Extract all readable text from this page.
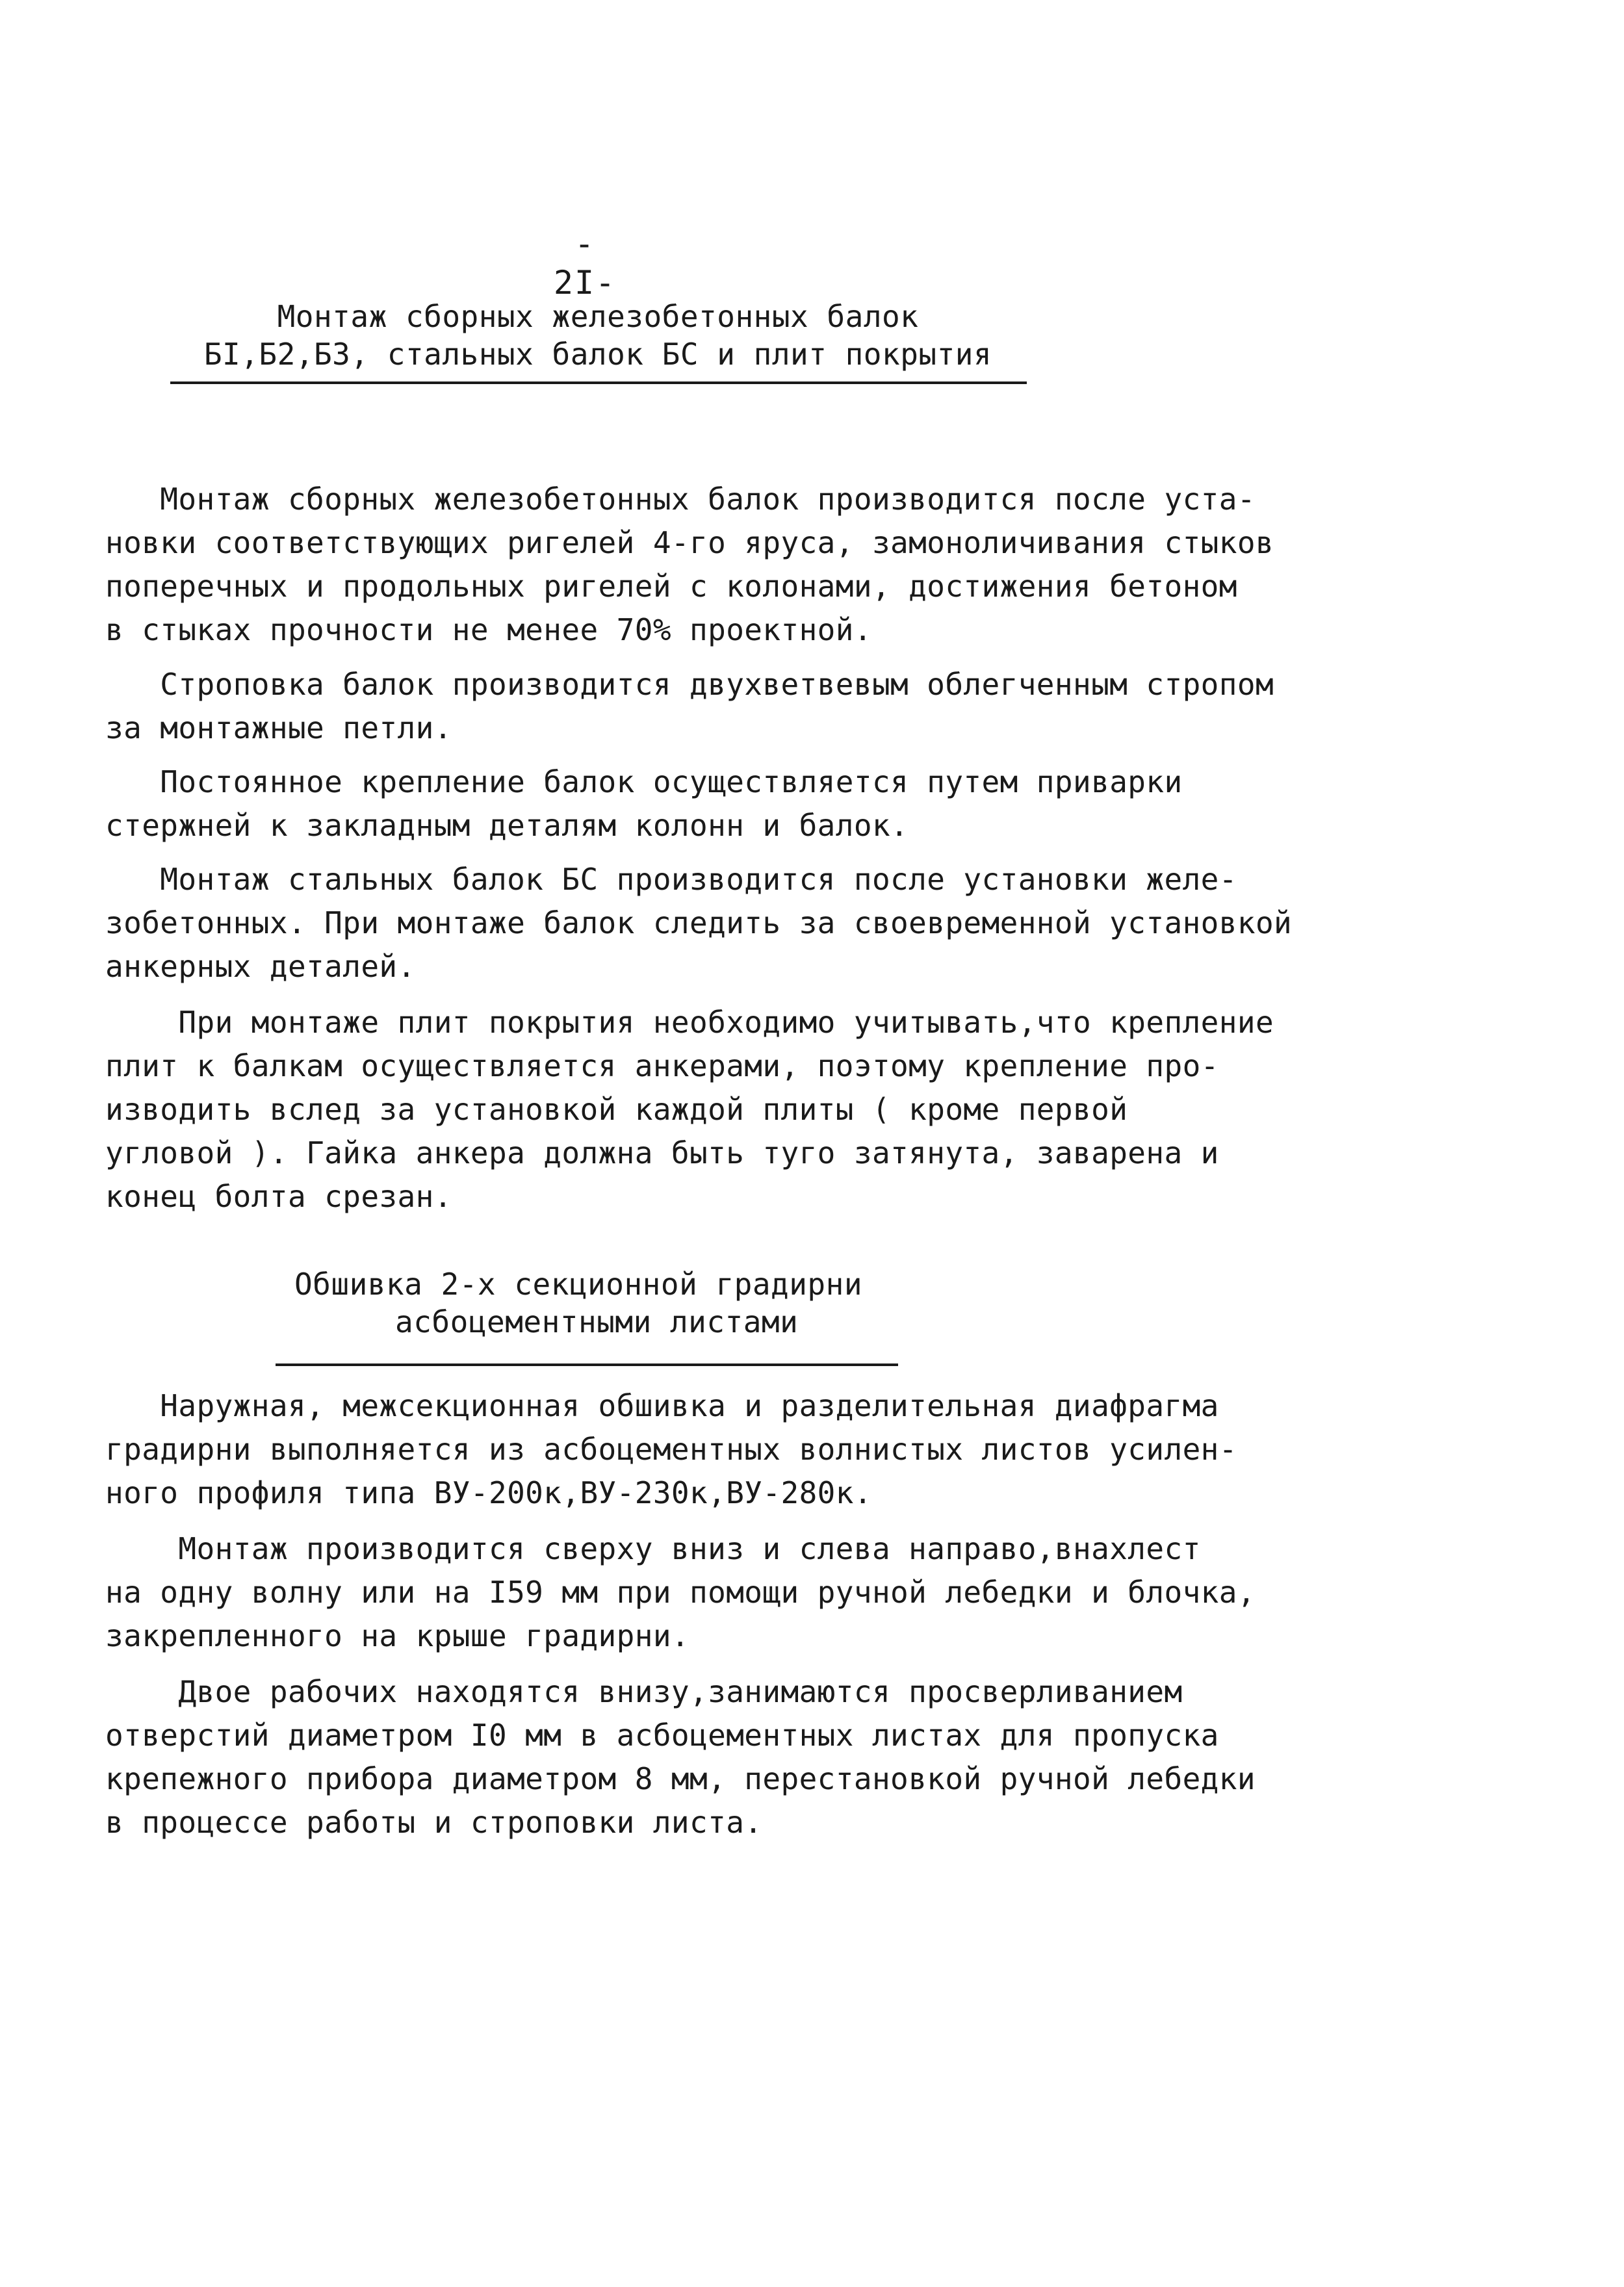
- 2I-
Монтаж сборных железобетонных балок
БI,Б2,Б3, стальных балок БС и плит покрытия
Монтаж сборных железобетонных балок производится после уста-
новки соответствующих ригелей 4-го яруса, замоноличивания стыков
поперечных и продольных ригелей с колонами, достижения бетоном
в стыках прочности не менее 70% проектной.
Строповка балок производится двухветвевым облегченным стропом
за монтажные петли.
Постоянное крепление балок осуществляется путем приварки
стержней к закладным деталям колонн и балок.
Монтаж стальных балок БС производится после установки желе-
зобетонных. При монтаже балок следить за своевременной установкой
анкерных деталей.
При монтаже плит покрытия необходимо учитывать,что крепление
плит к балкам осуществляется анкерами, поэтому крепление про-
изводить вслед за установкой каждой плиты ( кроме первой
угловой ). Гайка анкера должна быть туго затянута, заварена и
конец болта срезан.
Обшивка 2-х секционной градирни
асбоцементными листами
Наружная, межсекционная обшивка и разделительная диафрагма
градирни выполняется из асбоцементных волнистых листов усилен-
ного профиля типа ВУ-200к,ВУ-230к,ВУ-280к.
Монтаж производится сверху вниз и слева направо,внахлест
на одну волну или на I59 мм при помощи ручной лебедки и блочка,
закрепленного на крыше градирни.
Двое рабочих находятся внизу,занимаются просверливанием
отверстий диаметром I0 мм в асбоцементных листах для пропуска
крепежного прибора диаметром 8 мм, перестановкой ручной лебедки
в процессе работы и строповки листа.
